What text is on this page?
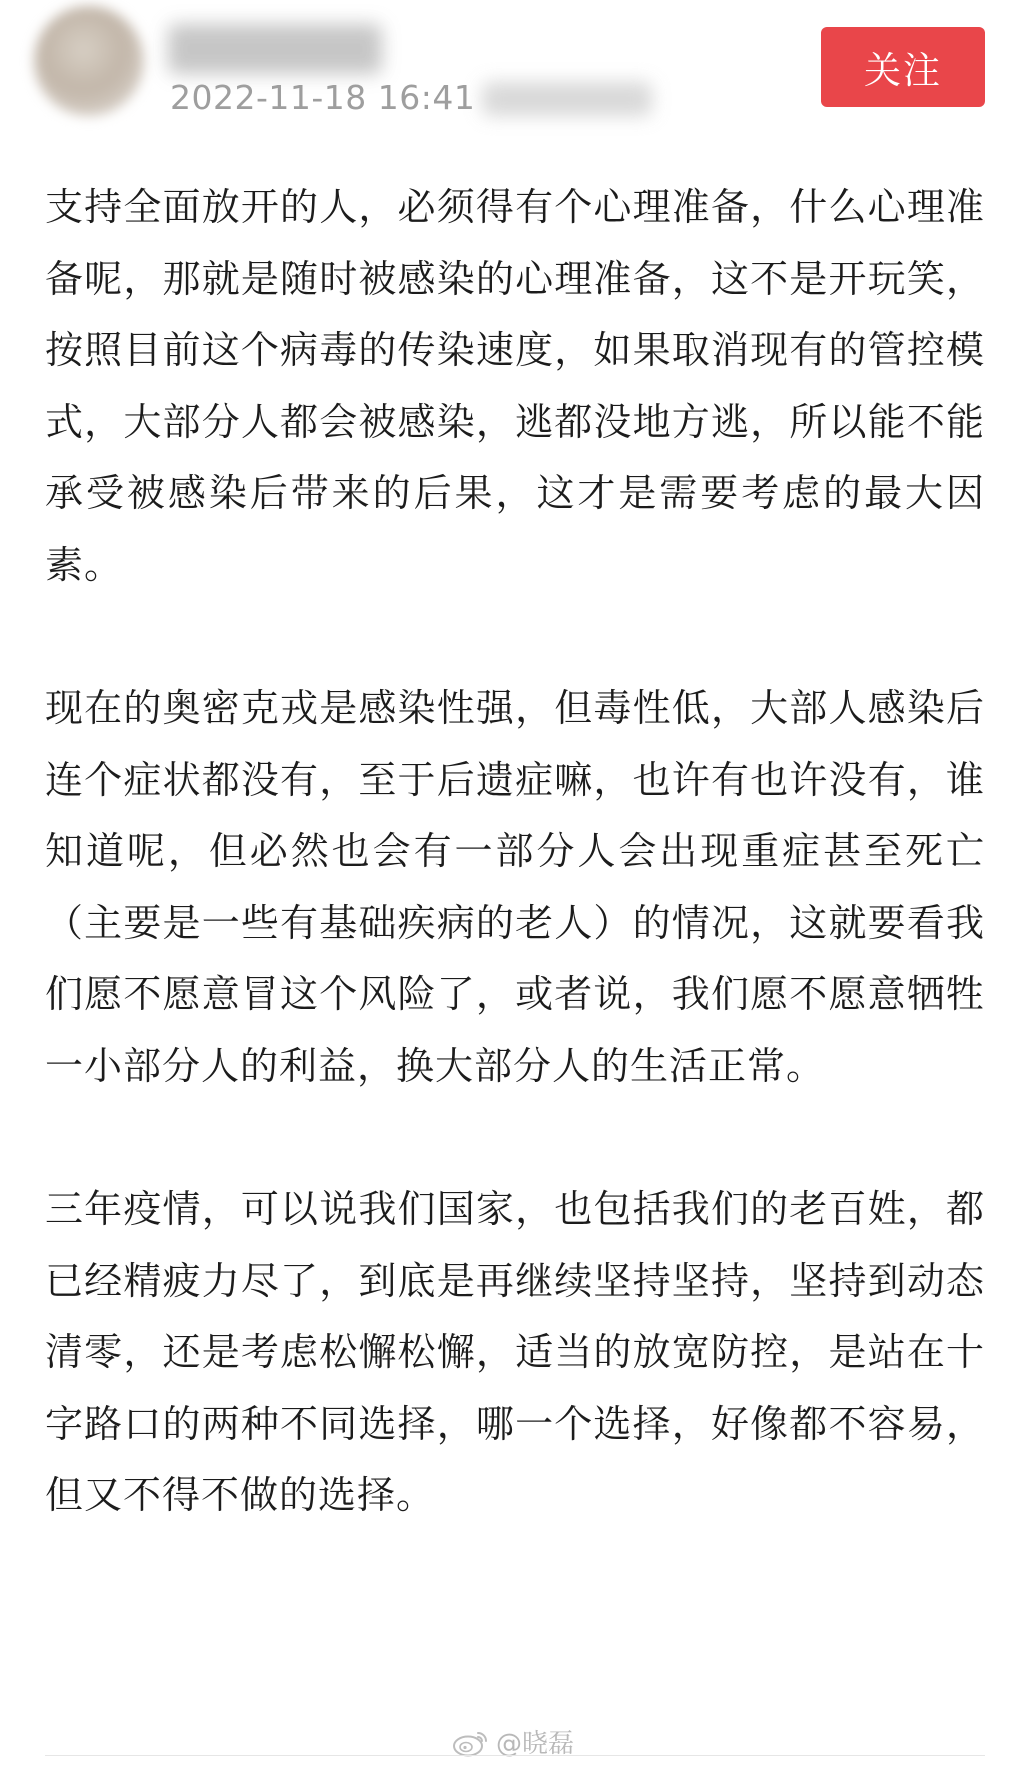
2022-11-18 16:41
关注

支持全面放开的人，必须得有个心理准备，什么心理准备呢，那就是随时被感染的心理准备，这不是开玩笑，按照目前这个病毒的传染速度，如果取消现有的管控模式，大部分人都会被感染，逃都没地方逃，所以能不能承受被感染后带来的后果，这才是需要考虑的最大因素。

现在的奥密克戎是感染性强，但毒性低，大部人感染后连个症状都没有，至于后遗症嘛，也许有也许没有，谁知道呢，但必然也会有一部分人会出现重症甚至死亡（主要是一些有基础疾病的老人）的情况，这就要看我们愿不愿意冒这个风险了，或者说，我们愿不愿意牺牲一小部分人的利益，换大部分人的生活正常。

三年疫情，可以说我们国家，也包括我们的老百姓，都已经精疲力尽了，到底是再继续坚持坚持，坚持到动态清零，还是考虑松懈松懈，适当的放宽防控，是站在十字路口的两种不同选择，哪一个选择，好像都不容易，但又不得不做的选择。

@晓磊
